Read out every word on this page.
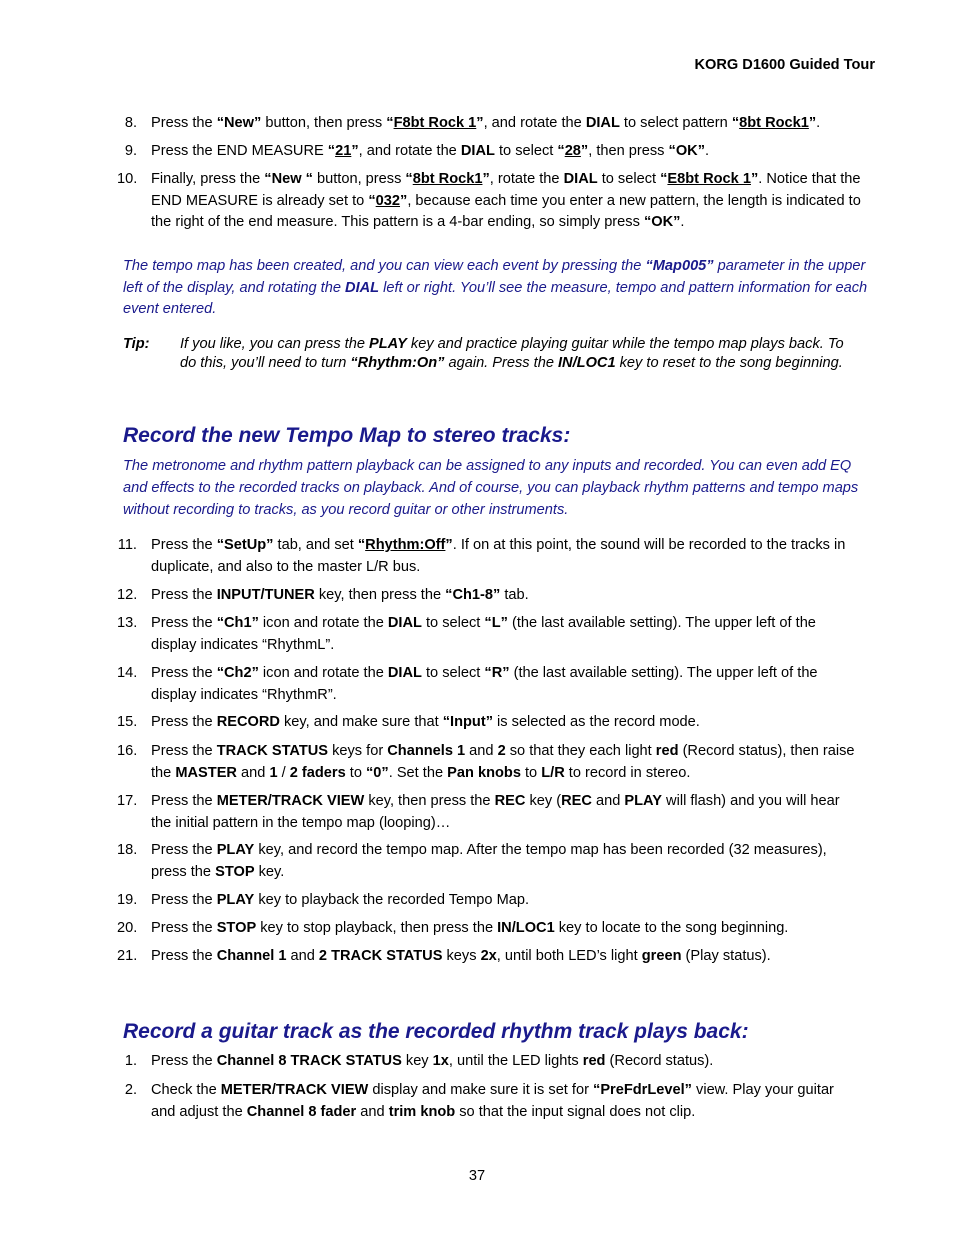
KORG D1600 Guided Tour
8. Press the “New” button, then press “F8bt Rock 1”, and rotate the DIAL to select pattern “8bt Rock1”.
9. Press the END MEASURE “21”, and rotate the DIAL to select “28”, then press “OK”.
10. Finally, press the “New “ button, press “8bt Rock1”, rotate the DIAL to select “E8bt Rock 1”. Notice that the END MEASURE is already set to “032”, because each time you enter a new pattern, the length is indicated to the right of the end measure. This pattern is a 4-bar ending, so simply press “OK”.
The tempo map has been created, and you can view each event by pressing the “Map005” parameter in the upper left of the display, and rotating the DIAL left or right. You’ll see the measure, tempo and pattern information for each event entered.
Tip: If you like, you can press the PLAY key and practice playing guitar while the tempo map plays back. To do this, you’ll need to turn “Rhythm:On” again. Press the IN/LOC1 key to reset to the song beginning.
Record the new Tempo Map to stereo tracks:
The metronome and rhythm pattern playback can be assigned to any inputs and recorded. You can even add EQ and effects to the recorded tracks on playback. And of course, you can playback rhythm patterns and tempo maps without recording to tracks, as you record guitar or other instruments.
11. Press the “SetUp” tab, and set “Rhythm:Off”. If on at this point, the sound will be recorded to the tracks in duplicate, and also to the master L/R bus.
12. Press the INPUT/TUNER key, then press the “Ch1-8” tab.
13. Press the “Ch1” icon and rotate the DIAL to select “L” (the last available setting). The upper left of the display indicates “RhythmL”.
14. Press the “Ch2” icon and rotate the DIAL to select “R” (the last available setting). The upper left of the display indicates “RhythmR”.
15. Press the RECORD key, and make sure that “Input” is selected as the record mode.
16. Press the TRACK STATUS keys for Channels 1 and 2 so that they each light red (Record status), then raise the MASTER and 1 / 2 faders to “0”. Set the Pan knobs to L/R to record in stereo.
17. Press the METER/TRACK VIEW key, then press the REC key (REC and PLAY will flash) and you will hear the initial pattern in the tempo map (looping)…
18. Press the PLAY key, and record the tempo map. After the tempo map has been recorded (32 measures), press the STOP key.
19. Press the PLAY key to playback the recorded Tempo Map.
20. Press the STOP key to stop playback, then press the IN/LOC1 key to locate to the song beginning.
21. Press the Channel 1 and 2 TRACK STATUS keys 2x, until both LED’s light green (Play status).
Record a guitar track as the recorded rhythm track plays back:
1. Press the Channel 8 TRACK STATUS key 1x, until the LED lights red (Record status).
2. Check the METER/TRACK VIEW display and make sure it is set for “PreFdrLevel” view. Play your guitar and adjust the Channel 8 fader and trim knob so that the input signal does not clip.
37
